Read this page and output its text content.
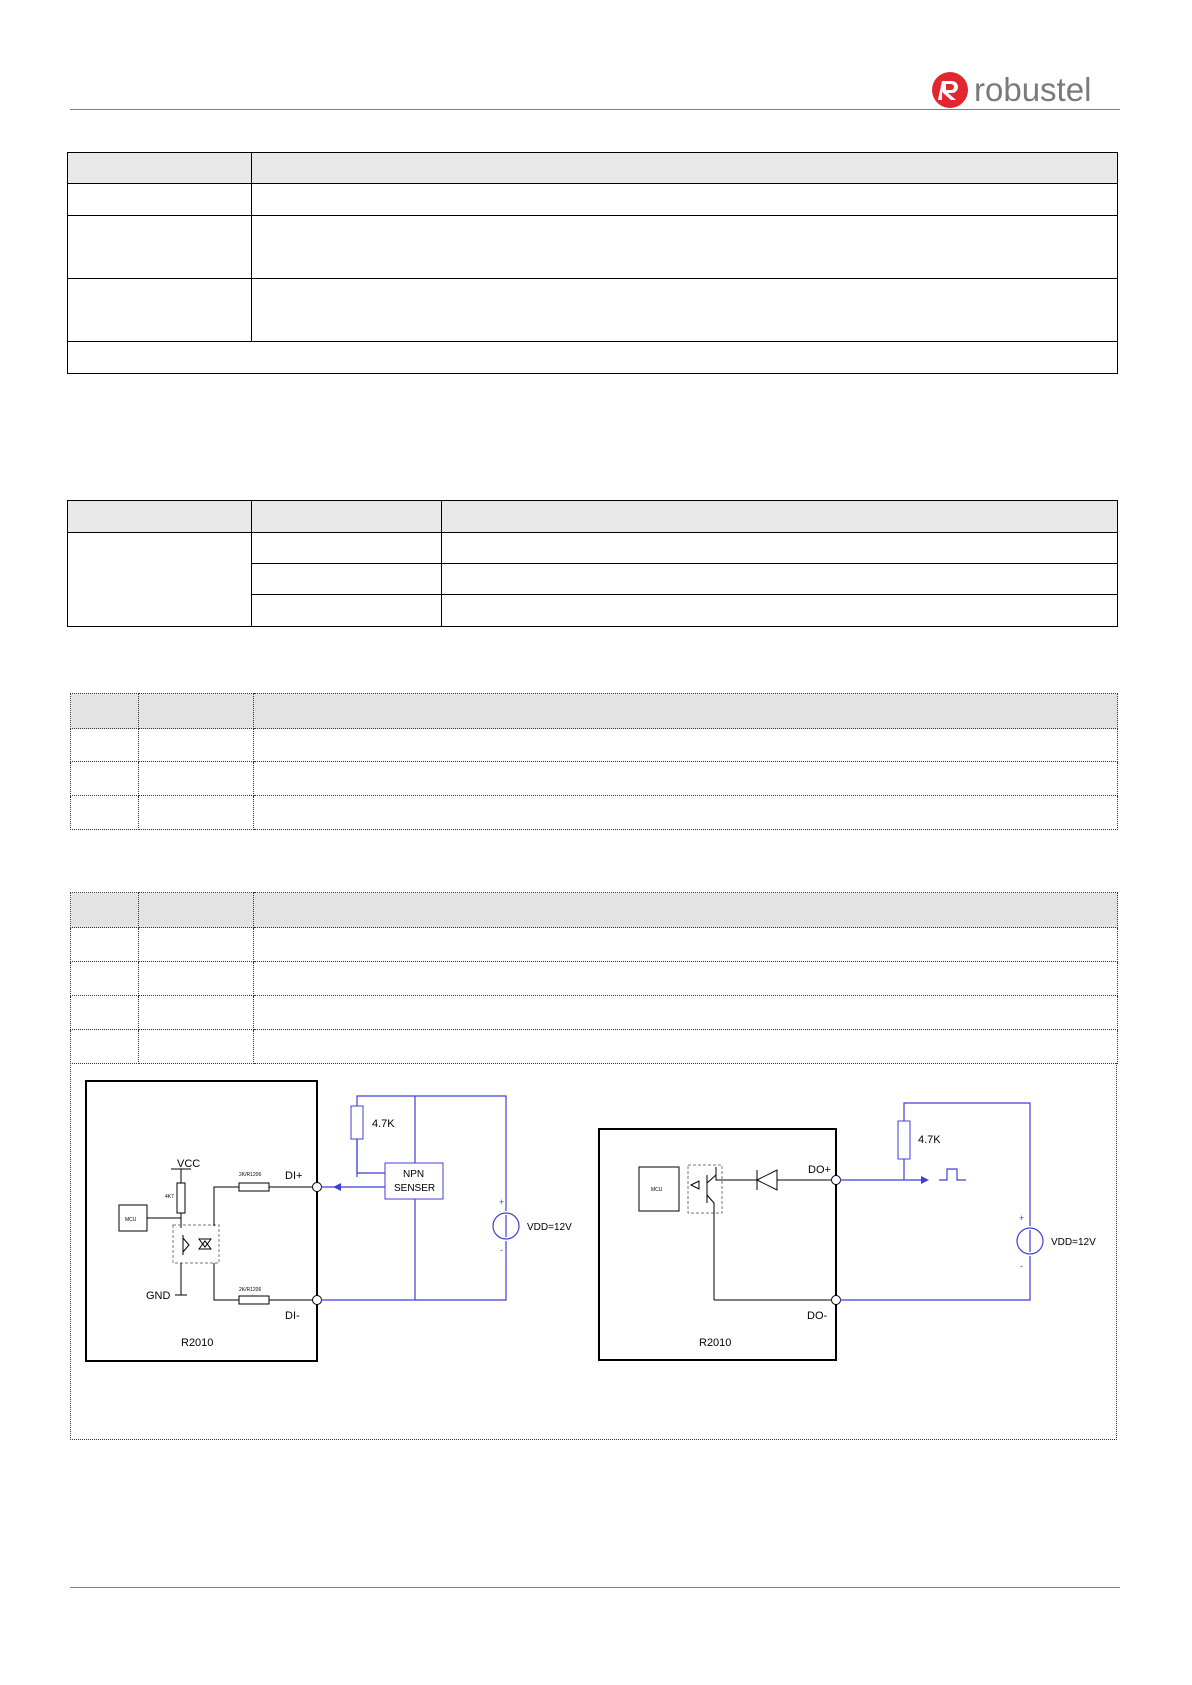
robustel

VCC
4K7
MCU
GND
2K/R1206
2K/R1206
DI+
DI-
R2010
4.7K
NPN
SENSER
+
-
VDD=12V
MCU
DO+
DO-
R2010
4.7K
+
-
VDD=12V
